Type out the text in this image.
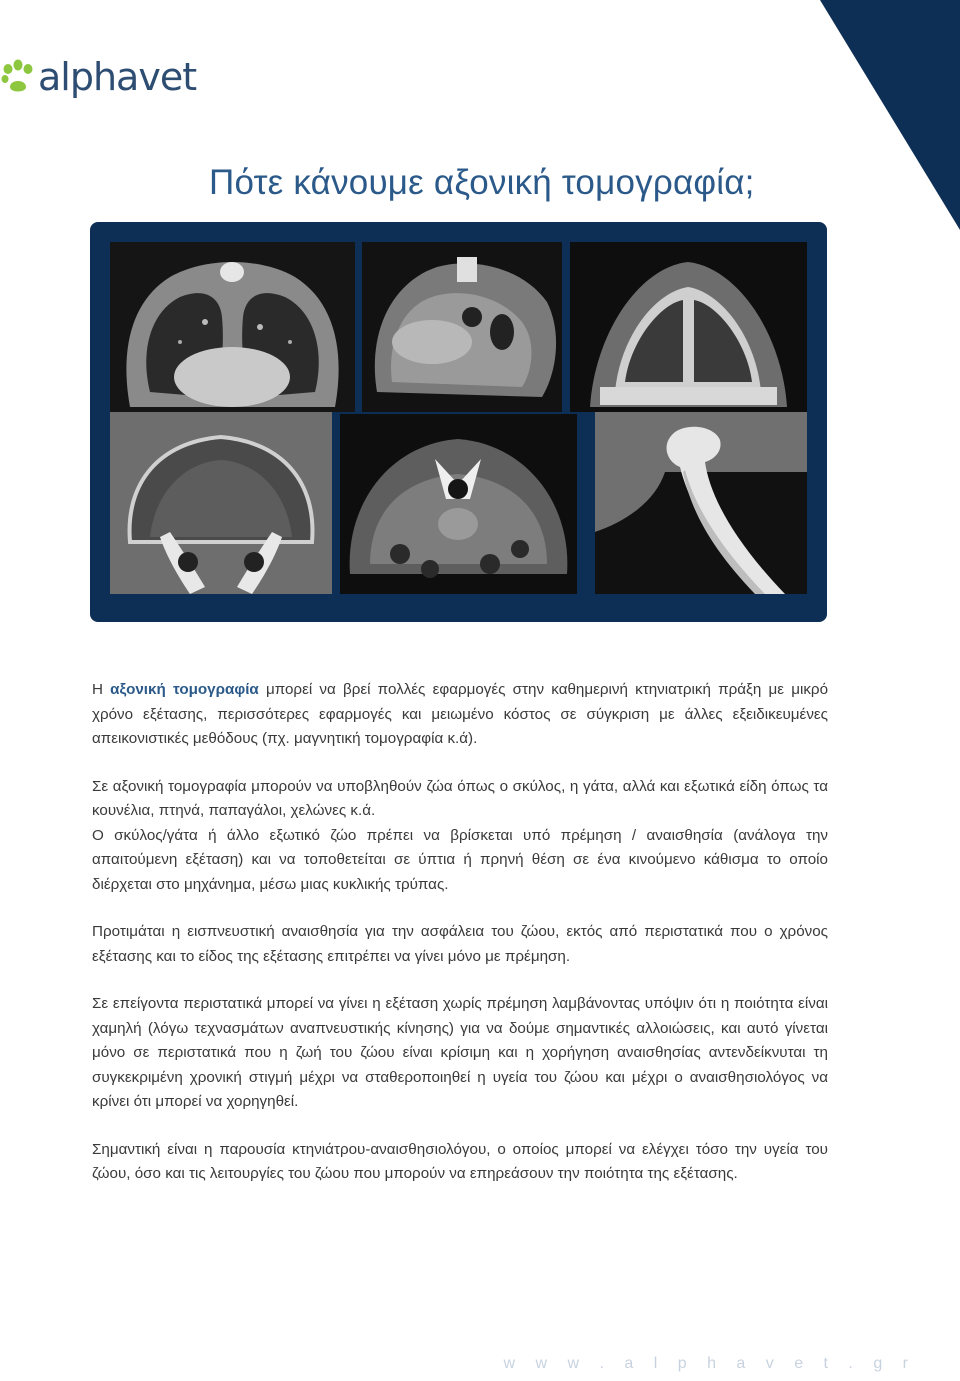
alphavet
Πότε κάνουμε αξονική τομογραφία;

Η αξονική τομογραφία μπορεί να βρεί πολλές εφαρμογές στην καθημερινή κτηνιατρική πράξη με μικρό χρόνο εξέτασης, περισσότερες εφαρμογές και μειωμένο κόστος σε σύγκριση με άλλες εξειδικευμένες απεικονιστικές μεθόδους (πχ. μαγνητική τομογραφία κ.ά).

Σε αξονική τομογραφία μπορούν να υποβληθούν ζώα όπως ο σκύλος, η γάτα, αλλά και εξωτικά είδη όπως τα κουνέλια, πτηνά, παπαγάλοι, χελώνες κ.ά.

Ο σκύλος/γάτα ή άλλο εξωτικό ζώο πρέπει να βρίσκεται υπό πρέμηση / αναισθησία (ανάλογα την απαιτούμενη εξέταση) και να τοποθετείται σε ύπτια ή πρηνή θέση σε ένα κινούμενο κάθισμα το οποίο διέρχεται στο μηχάνημα, μέσω μιας κυκλικής τρύπας.

Προτιμάται η εισπνευστική αναισθησία για την ασφάλεια του ζώου, εκτός από περιστατικά που ο χρόνος εξέτασης και το είδος της εξέτασης επιτρέπει να γίνει μόνο με πρέμηση.

Σε επείγοντα περιστατικά μπορεί να γίνει η εξέταση χωρίς πρέμηση λαμβάνοντας υπόψιν ότι η ποιότητα είναι χαμηλή (λόγω τεχνασμάτων αναπνευστικής κίνησης) για να δούμε σημαντικές αλλοιώσεις, και αυτό γίνεται μόνο σε περιστατικά που η ζωή του ζώου είναι κρίσιμη και η χορήγηση αναισθησίας αντενδείκνυται τη συγκεκριμένη χρονική στιγμή μέχρι να σταθεροποιηθεί η υγεία του ζώου και μέχρι ο αναισθησιολόγος να κρίνει ότι μπορεί να χορηγηθεί.

Σημαντική είναι η παρουσία κτηνιάτρου-αναισθησιολόγου, ο οποίος μπορεί να ελέγχει τόσο την υγεία του ζώου, όσο και τις λειτουργίες του ζώου που μπορούν να επηρεάσουν την ποιότητα της εξέτασης.

w w w . a l p h a v e t . g r
